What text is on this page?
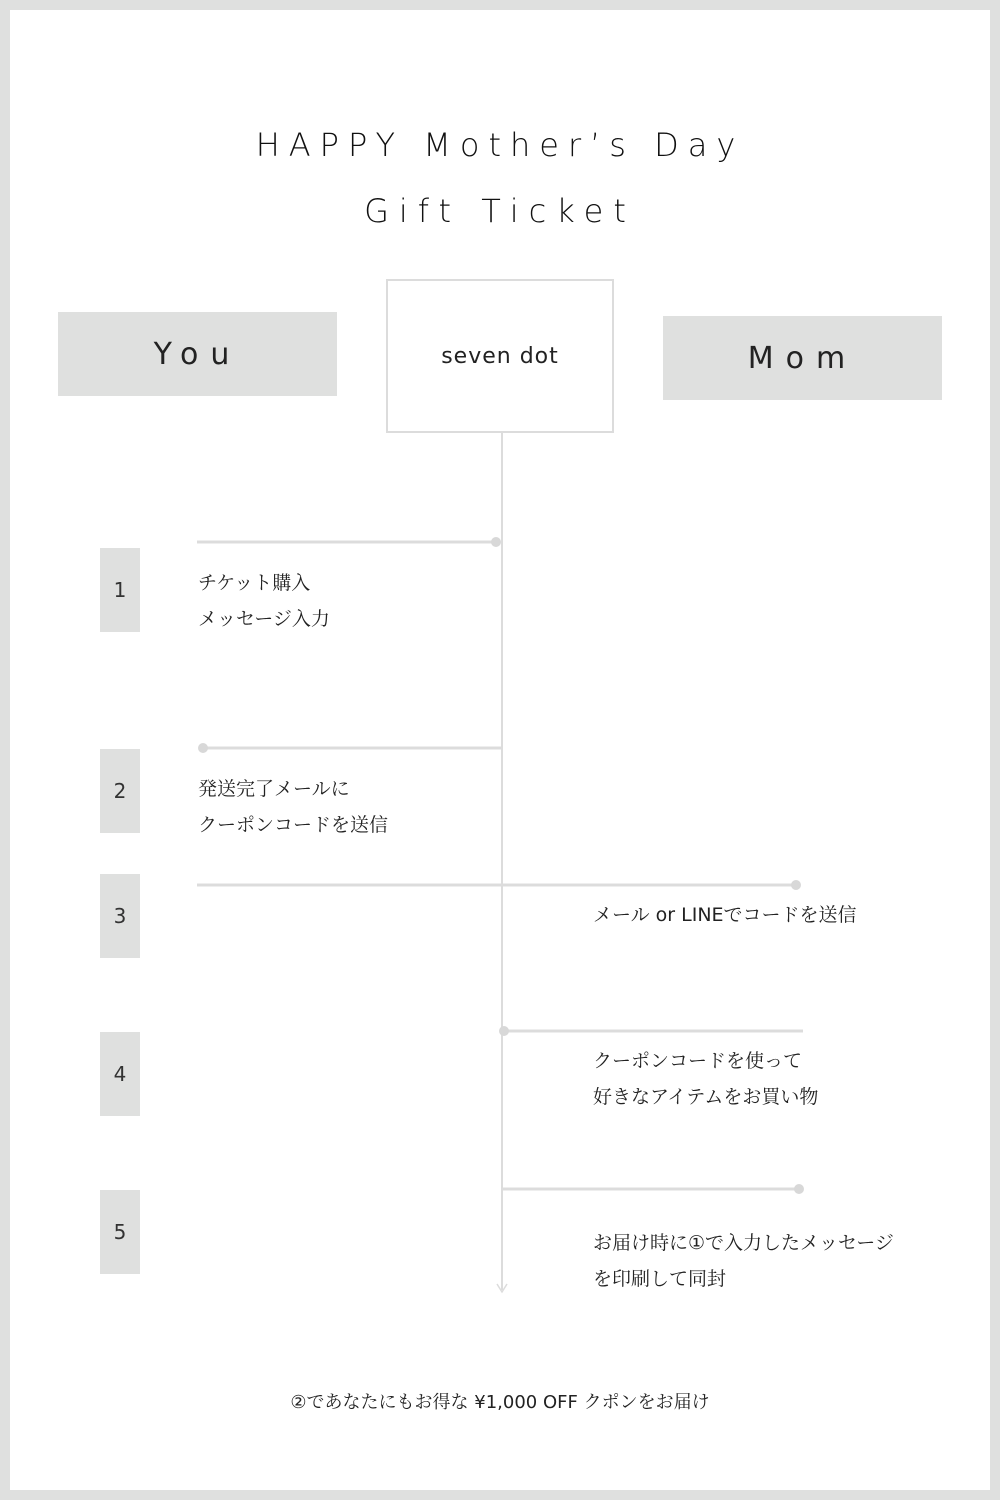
HAPPY Mother’s Day
Gift Ticket
You	seven dot	Mom
1	チケット購入
メッセージ入力
2	発送完了メールに
クーポンコードを送信
3	メール or LINEでコードを送信
4
クーポンコードを使って
好きなアイテムをお買い物
5	お届け時に①で入力したメッセージ
を印刷して同封
②であなたにもお得な ¥1,000 OFF クポンをお届け
